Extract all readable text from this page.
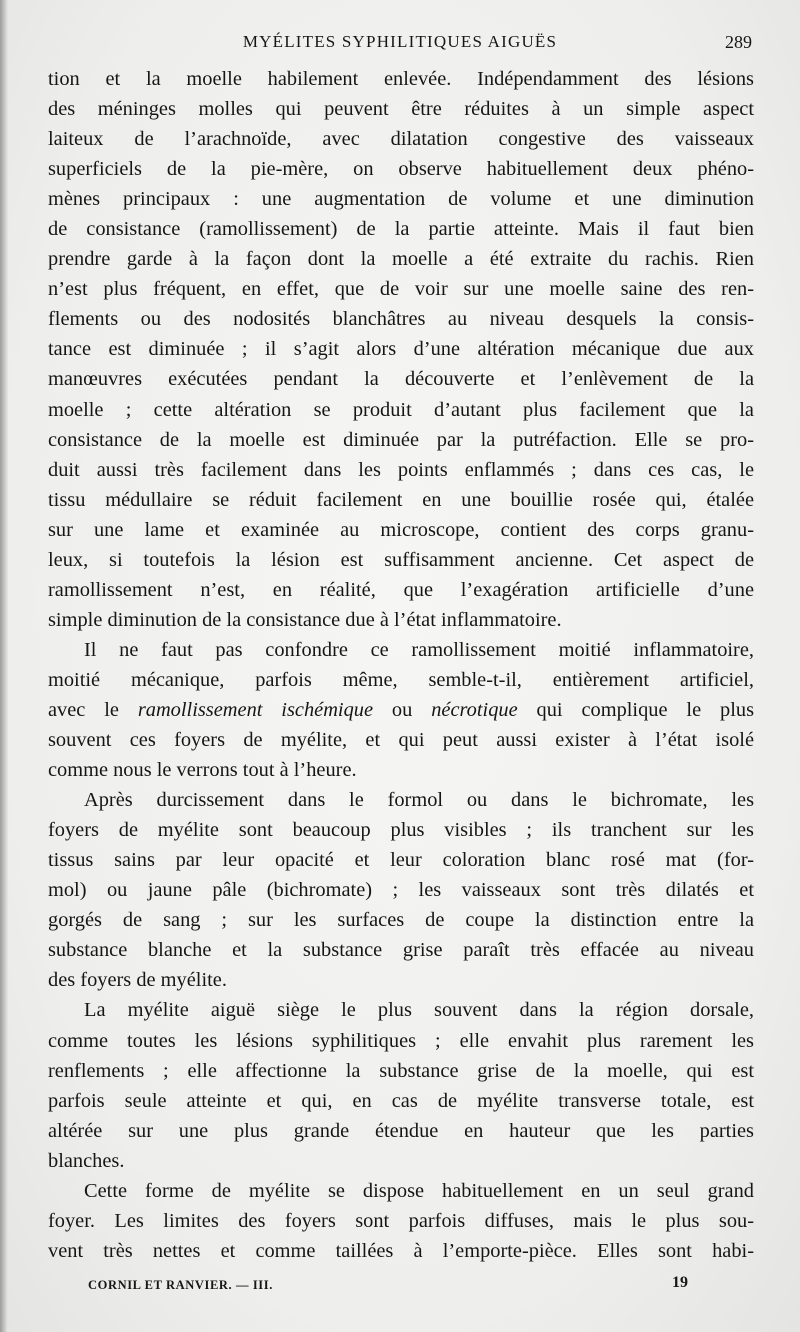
MYÉLITES SYPHILITIQUES AIGUËS	289
tion et la moelle habilement enlevée. Indépendamment des lésions
des méninges molles qui peuvent être réduites à un simple aspect
laiteux de l’arachnoïde, avec dilatation congestive des vaisseaux
superficiels de la pie-mère, on observe habituellement deux phéno-
mènes principaux : une augmentation de volume et une diminution
de consistance (ramollissement) de la partie atteinte. Mais il faut bien
prendre garde à la façon dont la moelle a été extraite du rachis. Rien
n’est plus fréquent, en effet, que de voir sur une moelle saine des ren-
flements ou des nodosités blanchâtres au niveau desquels la consis-
tance est diminuée ; il s’agit alors d’une altération mécanique due aux
manœuvres exécutées pendant la découverte et l’enlèvement de la
moelle ; cette altération se produit d’autant plus facilement que la
consistance de la moelle est diminuée par la putréfaction. Elle se pro-
duit aussi très facilement dans les points enflammés ; dans ces cas, le
tissu médullaire se réduit facilement en une bouillie rosée qui, étalée
sur une lame et examinée au microscope, contient des corps granu-
leux, si toutefois la lésion est suffisamment ancienne. Cet aspect de
ramollissement n’est, en réalité, que l’exagération artificielle d’une
simple diminution de la consistance due à l’état inflammatoire.
Il ne faut pas confondre ce ramollissement moitié inflammatoire,
moitié mécanique, parfois même, semble-t-il, entièrement artificiel,
avec le ramollissement ischémique ou nécrotique qui complique le plus
souvent ces foyers de myélite, et qui peut aussi exister à l’état isolé
comme nous le verrons tout à l’heure.
Après durcissement dans le formol ou dans le bichromate, les
foyers de myélite sont beaucoup plus visibles ; ils tranchent sur les
tissus sains par leur opacité et leur coloration blanc rosé mat (for-
mol) ou jaune pâle (bichromate) ; les vaisseaux sont très dilatés et
gorgés de sang ; sur les surfaces de coupe la distinction entre la
substance blanche et la substance grise paraît très effacée au niveau
des foyers de myélite.
La myélite aiguë siège le plus souvent dans la région dorsale,
comme toutes les lésions syphilitiques ; elle envahit plus rarement les
renflements ; elle affectionne la substance grise de la moelle, qui est
parfois seule atteinte et qui, en cas de myélite transverse totale, est
altérée sur une plus grande étendue en hauteur que les parties
blanches.
Cette forme de myélite se dispose habituellement en un seul grand
foyer. Les limites des foyers sont parfois diffuses, mais le plus sou-
vent très nettes et comme taillées à l’emporte-pièce. Elles sont habi-
CORNIL ET RANVIER. — III.	19
